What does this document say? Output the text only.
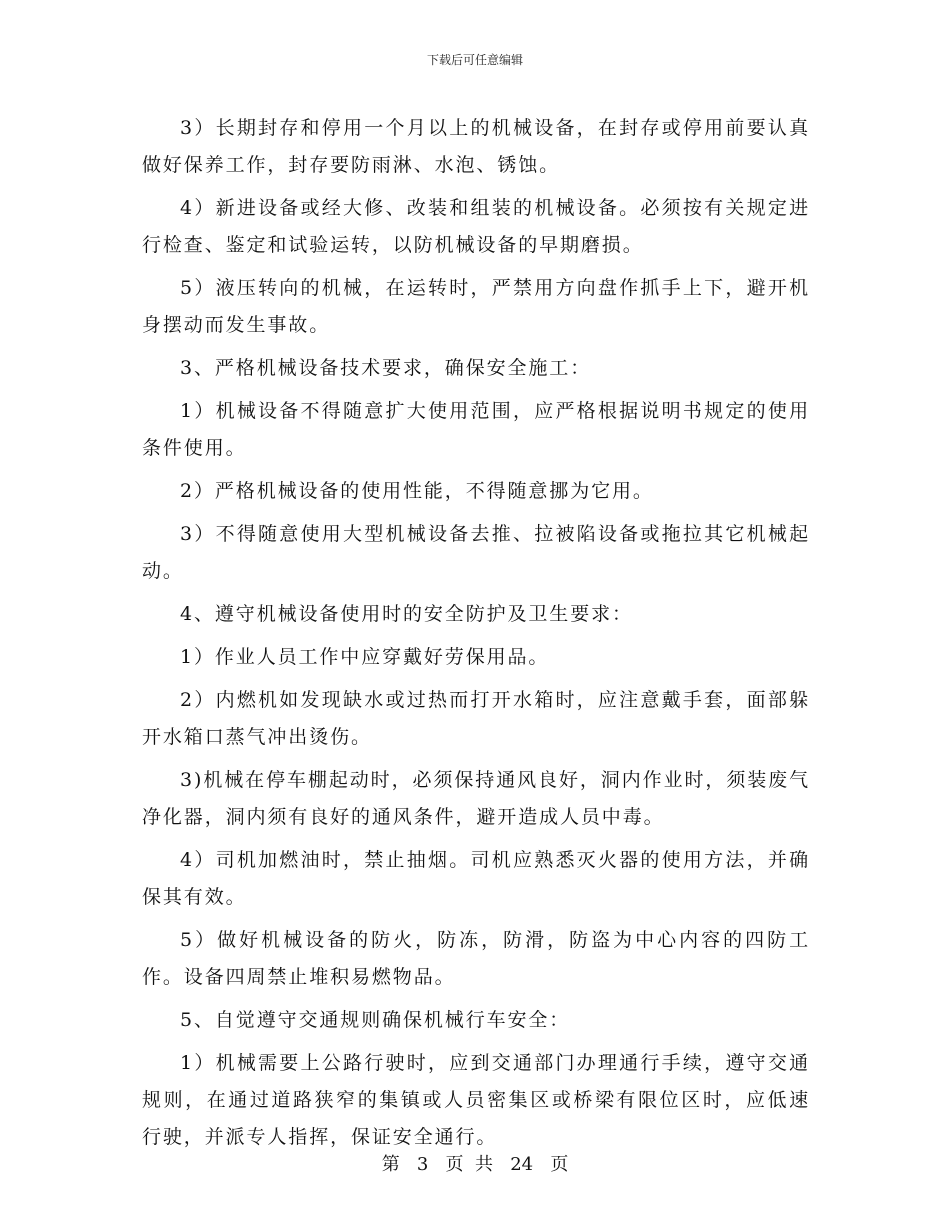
下载后可任意编辑

3）长期封存和停用一个月以上的机械设备，在封存或停用前要认真做好保养工作，封存要防雨淋、水泡、锈蚀。

4）新进设备或经大修、改装和组装的机械设备。必须按有关规定进行检查、鉴定和试验运转，以防机械设备的早期磨损。

5）液压转向的机械，在运转时，严禁用方向盘作抓手上下，避开机身摆动而发生事故。

3、严格机械设备技术要求，确保安全施工：

1）机械设备不得随意扩大使用范围，应严格根据说明书规定的使用条件使用。

2）严格机械设备的使用性能，不得随意挪为它用。

3）不得随意使用大型机械设备去推、拉被陷设备或拖拉其它机械起动。

4、遵守机械设备使用时的安全防护及卫生要求：

1）作业人员工作中应穿戴好劳保用品。

2）内燃机如发现缺水或过热而打开水箱时，应注意戴手套，面部躲开水箱口蒸气冲出烫伤。

3)机械在停车棚起动时，必须保持通风良好，洞内作业时，须装废气净化器，洞内须有良好的通风条件，避开造成人员中毒。

4）司机加燃油时，禁止抽烟。司机应熟悉灭火器的使用方法，并确保其有效。

5）做好机械设备的防火，防冻，防滑，防盗为中心内容的四防工作。设备四周禁止堆积易燃物品。

5、自觉遵守交通规则确保机械行车安全：

1）机械需要上公路行驶时，应到交通部门办理通行手续，遵守交通规则，在通过道路狭窄的集镇或人员密集区或桥梁有限位区时，应低速行驶，并派专人指挥，保证安全通行。

第 3 页  共 24 页
